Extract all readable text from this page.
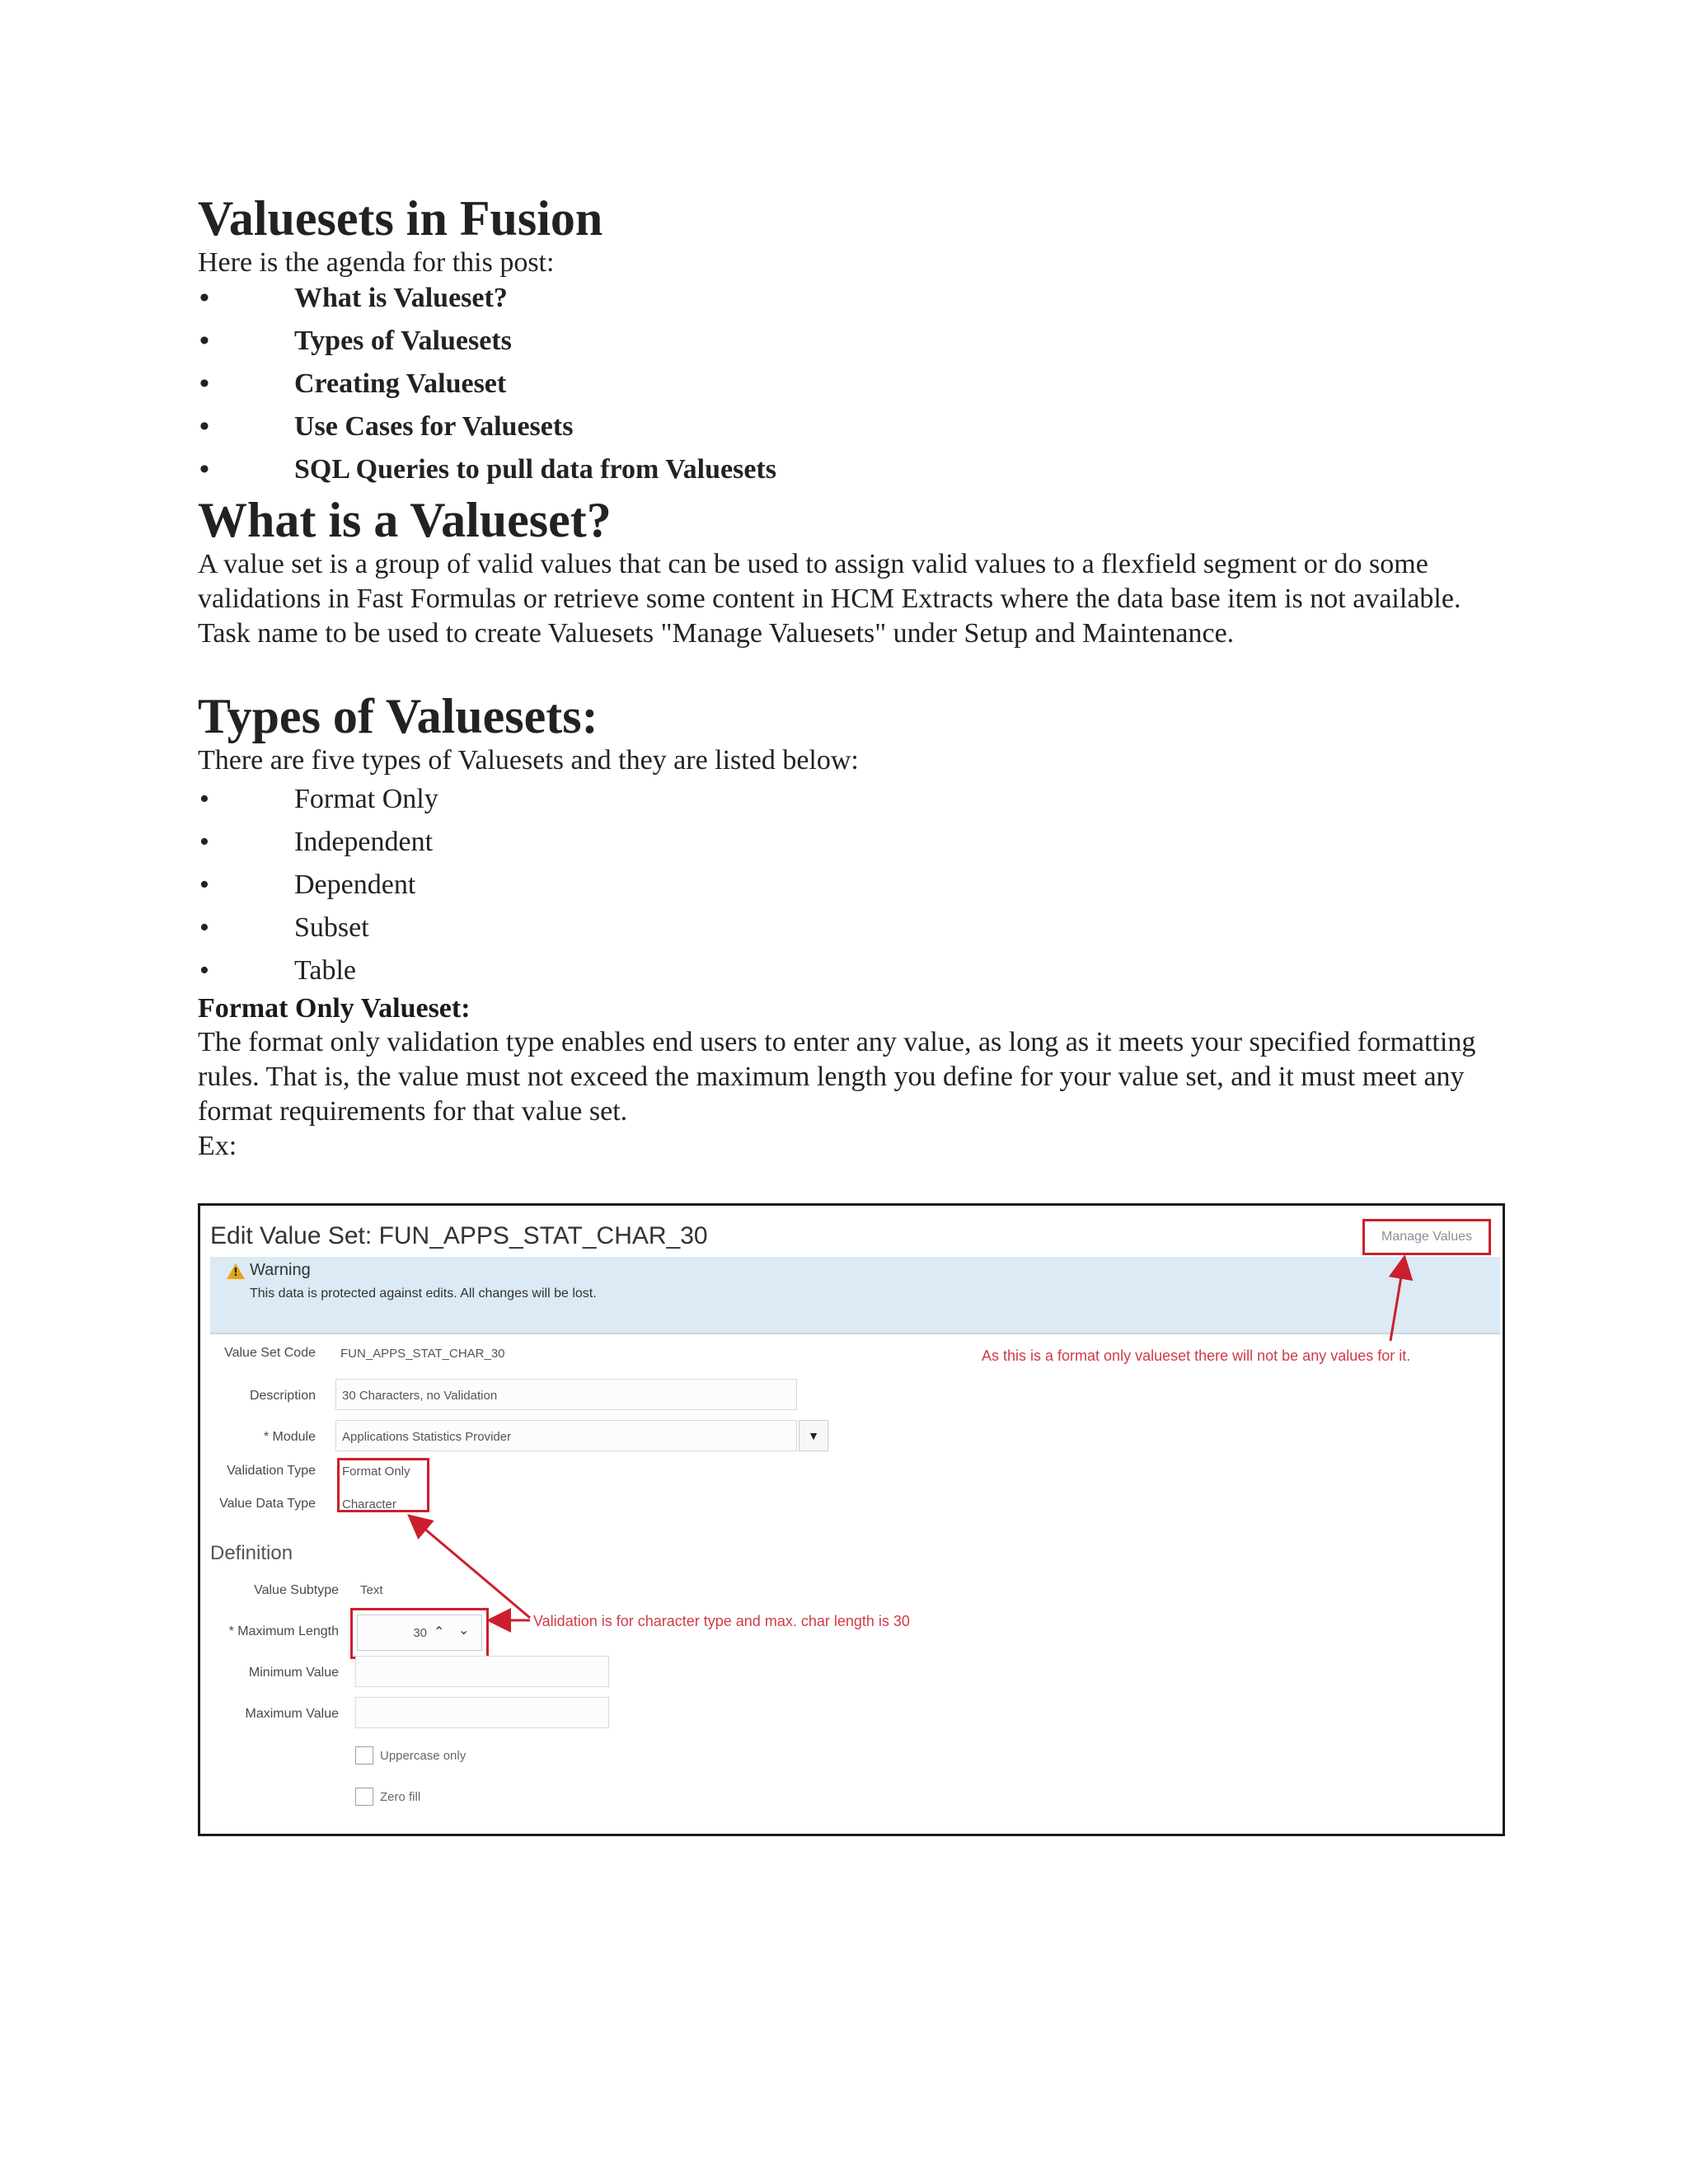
Valuesets in Fusion

Here is the agenda for this post:

•	What is Valueset?
•	Types of Valuesets
•	Creating Valueset
•	Use Cases for Valuesets
•	SQL Queries to pull data from Valuesets
What is a Valueset?

A value set is a group of valid values that can be used to assign valid values to a flexfield segment or do some validations in Fast Formulas or retrieve some content in HCM Extracts where the data base item is not available. Task name to be used to create Valuesets "Manage Valuesets" under Setup and Maintenance.

Types of Valuesets:

There are five types of Valuesets and they are listed below:

•	Format Only
•	Independent
•	Dependent
•	Subset
•	Table
Format Only Valueset:

The format only validation type enables end users to enter any value, as long as it meets your specified formatting rules. That is, the value must not exceed the maximum length you define for your value set, and it must meet any format requirements for that value set.

Ex:

Edit Value Set: FUN_APPS_STAT_CHAR_30	Manage Values
! Warning
This data is protected against edits. All changes will be lost.
Value Set Code FUN_APPS_STAT_CHAR_30
Description 30 Characters, no Validation
* Module Applications Statistics Provider	▼
Validation Type Format Only
Value Data Type Character
Definition
Value Subtype Text
* Maximum Length	30 ⌃ ⌄
Minimum Value
Maximum Value
Uppercase only
Zero fill
As this is a format only valueset there will not be any values for it.
Validation is for character type and max. char length is 30
